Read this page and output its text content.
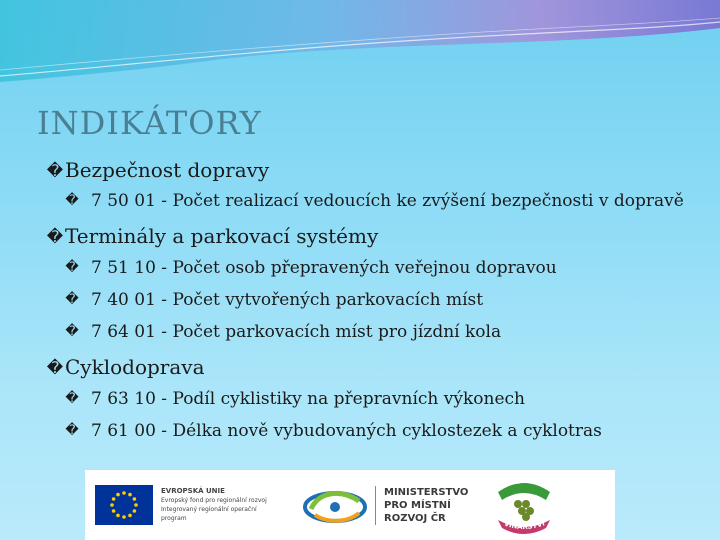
INDIKÁTORY

�Bezpečnost dopravy

� 7 50 01 - Počet realizací vedoucích ke zvýšení bezpečnosti v dopravě

�Terminály a parkovací systémy

� 7 51 10 - Počet osob přepravených veřejnou dopravou

� 7 40 01 - Počet vytvořených parkovacích míst

� 7 64 01 - Počet parkovacích míst pro jízdní kola

�Cyklodoprava

� 7 63 10 - Podíl cyklistiky na přepravních výkonech

� 7 61 00 - Délka nově vybudovaných cyklostezek a cyklotras

EVROPSKÁ UNIE
Evropský fond pro regionální rozvoj
Integrovaný regionální operační program
MINISTERSTVO
PRO MÍSTNÍ
ROZVOJ ČR
ZNOJENSKÉ
VINAŘSTVÍ
